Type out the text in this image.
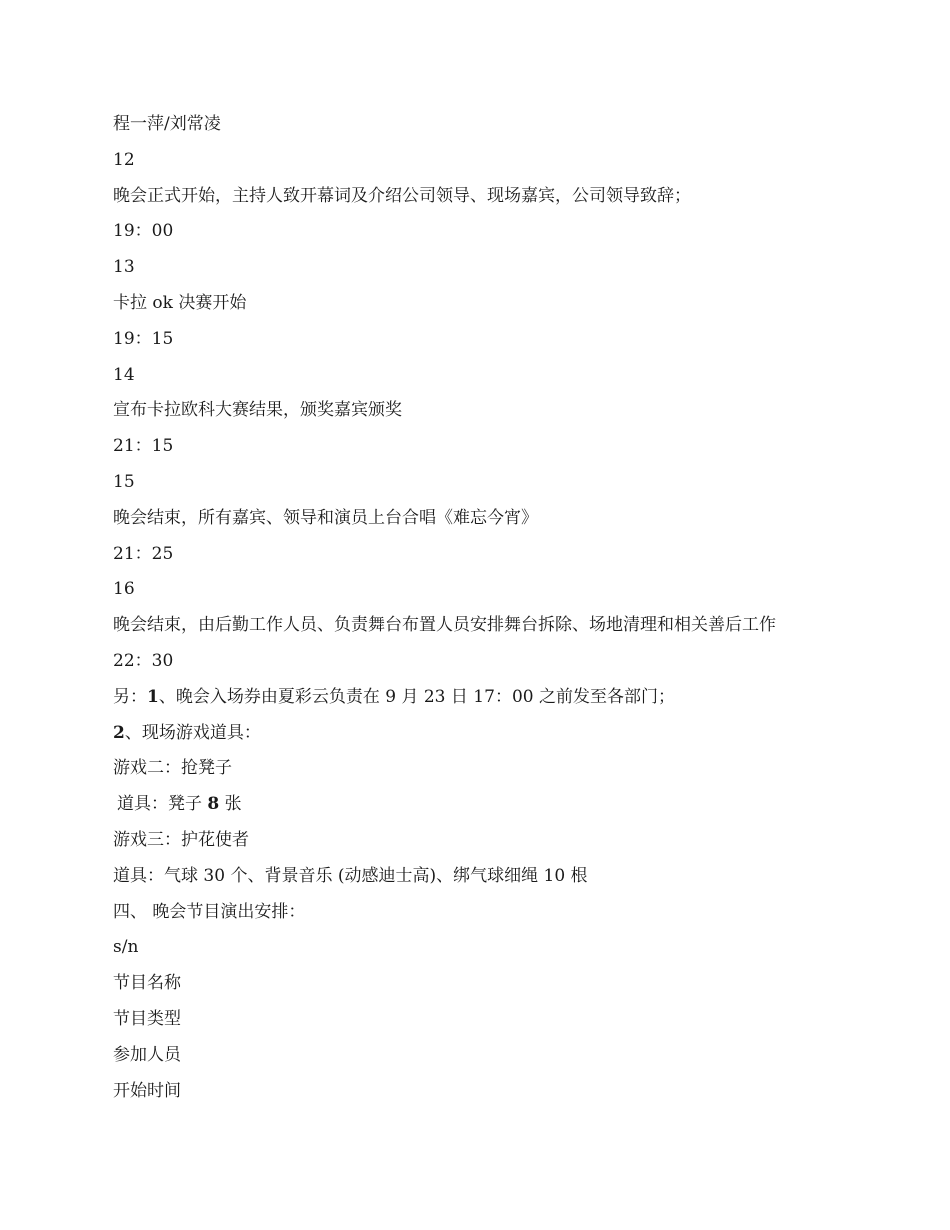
程一萍/刘常凌
12
晚会正式开始，主持人致开幕词及介绍公司领导、现场嘉宾，公司领导致辞；
19：00
13
卡拉 ok 决赛开始
19：15
14
宣布卡拉欧科大赛结果，颁奖嘉宾颁奖
21：15
15
晚会结束，所有嘉宾、领导和演员上台合唱《难忘今宵》
21：25
16
晚会结束，由后勤工作人员、负责舞台布置人员安排舞台拆除、场地清理和相关善后工作
22：30
另：1、晚会入场券由夏彩云负责在 9 月 23 日 17：00 之前发至各部门；
2、现场游戏道具：
游戏二：抢凳子
道具：凳子 8 张
游戏三：护花使者
道具：气球 30 个、背景音乐 (动感迪士高)、绑气球细绳 10 根
四、 晚会节目演出安排：
s/n
节目名称
节目类型
参加人员
开始时间
